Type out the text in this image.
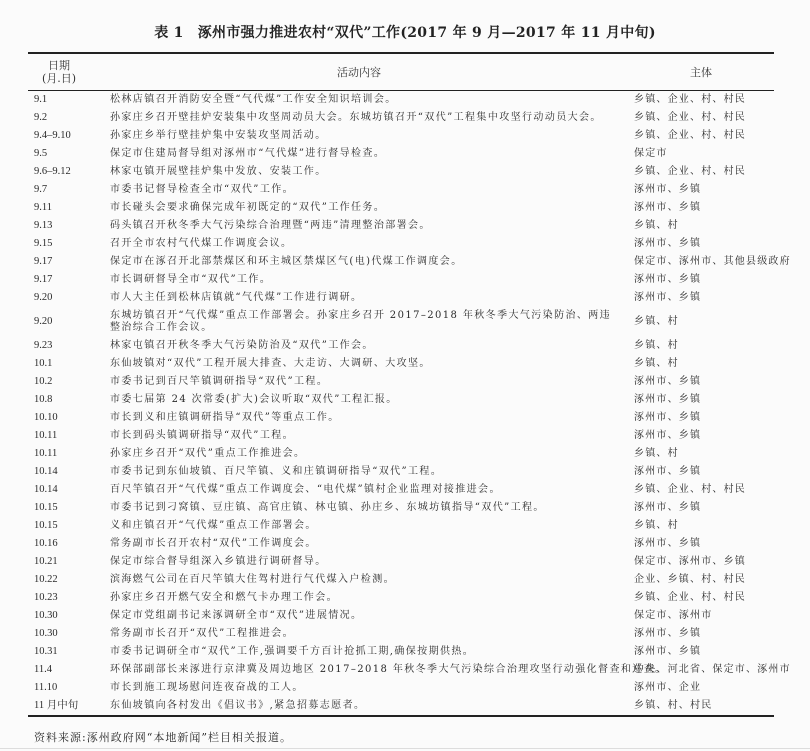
表 1 涿州市强力推进农村“双代”工作(2017 年 9 月—2017 年 11 月中旬)
日期
(月.日)	活动内容	主体
9.1	松林店镇召开消防安全暨“气代煤”工作安全知识培训会。	乡镇、企业、村、村民
9.2	孙家庄乡召开壁挂炉安装集中攻坚周动员大会。东城坊镇召开“双代”工程集中攻坚行动动员大会。	乡镇、企业、村、村民
9.4–9.10	孙家庄乡举行壁挂炉集中安装攻坚周活动。	乡镇、企业、村、村民
9.5	保定市住建局督导组对涿州市“气代煤”进行督导检查。	保定市
9.6–9.12	林家屯镇开展壁挂炉集中发放、安装工作。	乡镇、企业、村、村民
9.7	市委书记督导检查全市“双代”工作。	涿州市、乡镇
9.11	市长碰头会要求确保完成年初既定的“双代”工作任务。	涿州市、乡镇
9.13	码头镇召开秋冬季大气污染综合治理暨“两违”清理整治部署会。	乡镇、村
9.15	召开全市农村气代煤工作调度会议。	涿州市、乡镇
9.17	保定市在涿召开北部禁煤区和环主城区禁煤区气(电)代煤工作调度会。	保定市、涿州市、其他县级政府
9.17	市长调研督导全市“双代”工作。	涿州市、乡镇
9.20	市人大主任到松林店镇就“气代煤”工作进行调研。	涿州市、乡镇
9.20	东城坊镇召开“气代煤”重点工作部署会。孙家庄乡召开 2017–2018 年秋冬季大气污染防治、两违整治综合工作会议。	乡镇、村
9.23	林家屯镇召开秋冬季大气污染防治及“双代”工作会。	乡镇、村
10.1	东仙坡镇对“双代”工程开展大排查、大走访、大调研、大攻坚。	乡镇、村
10.2	市委书记到百尺竿镇调研指导“双代”工程。	涿州市、乡镇
10.8	市委七届第 24 次常委(扩大)会议听取“双代”工程汇报。	涿州市、乡镇
10.10	市长到义和庄镇调研指导“双代”等重点工作。	涿州市、乡镇
10.11	市长到码头镇调研指导“双代”工程。	涿州市、乡镇
10.11	孙家庄乡召开“双代”重点工作推进会。	乡镇、村
10.14	市委书记到东仙坡镇、百尺竿镇、义和庄镇调研指导“双代”工程。	涿州市、乡镇
10.14	百尺竿镇召开“气代煤”重点工作调度会、“电代煤”镇村企业监理对接推进会。	乡镇、企业、村、村民
10.15	市委书记到刁窝镇、豆庄镇、高官庄镇、林屯镇、孙庄乡、东城坊镇指导“双代”工程。	涿州市、乡镇
10.15	义和庄镇召开“气代煤”重点工作部署会。	乡镇、村
10.16	常务副市长召开农村“双代”工作调度会。	涿州市、乡镇
10.21	保定市综合督导组深入乡镇进行调研督导。	保定市、涿州市、乡镇
10.22	滨海燃气公司在百尺竿镇大住驾村进行气代煤入户检测。	企业、乡镇、村、村民
10.23	孙家庄乡召开燃气安全和燃气卡办理工作会。	乡镇、企业、村、村民
10.30	保定市党组副书记来涿调研全市“双代”进展情况。	保定市、涿州市
10.30	常务副市长召开“双代”工程推进会。	涿州市、乡镇
10.31	市委书记调研全市“双代”工作,强调要千方百计抢抓工期,确保按期供热。	涿州市、乡镇
11.4	环保部副部长来涿进行京津冀及周边地区 2017–2018 年秋冬季大气污染综合治理攻坚行动强化督查和巡查。	中央、河北省、保定市、涿州市
11.10	市长到施工现场慰问连夜奋战的工人。	涿州市、企业
11 月中旬	东仙坡镇向各村发出《倡议书》,紧急招募志愿者。	乡镇、村、村民
资料来源:涿州政府网“本地新闻”栏目相关报道。
